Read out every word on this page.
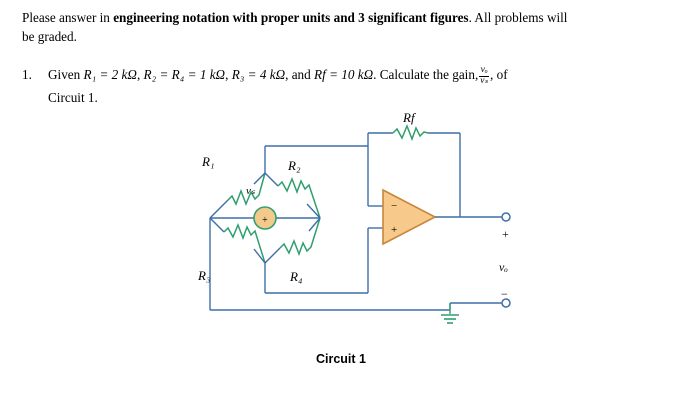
Please answer in engineering notation with proper units and 3 significant figures. All problems will
be graded.
1.	Given R₁ = 2 kΩ, R₂ = R₄ = 1 kΩ, R₃ = 4 kΩ, and Rf = 10 kΩ. Calculate the gain, $\frac{\text{vₒ}}{\text{vₛ}}$ , of
Circuit 1.
+
vₛ
R₁	R₂
R₃	R₄
−
+
Rf
+
−
vₒ
Circuit 1
